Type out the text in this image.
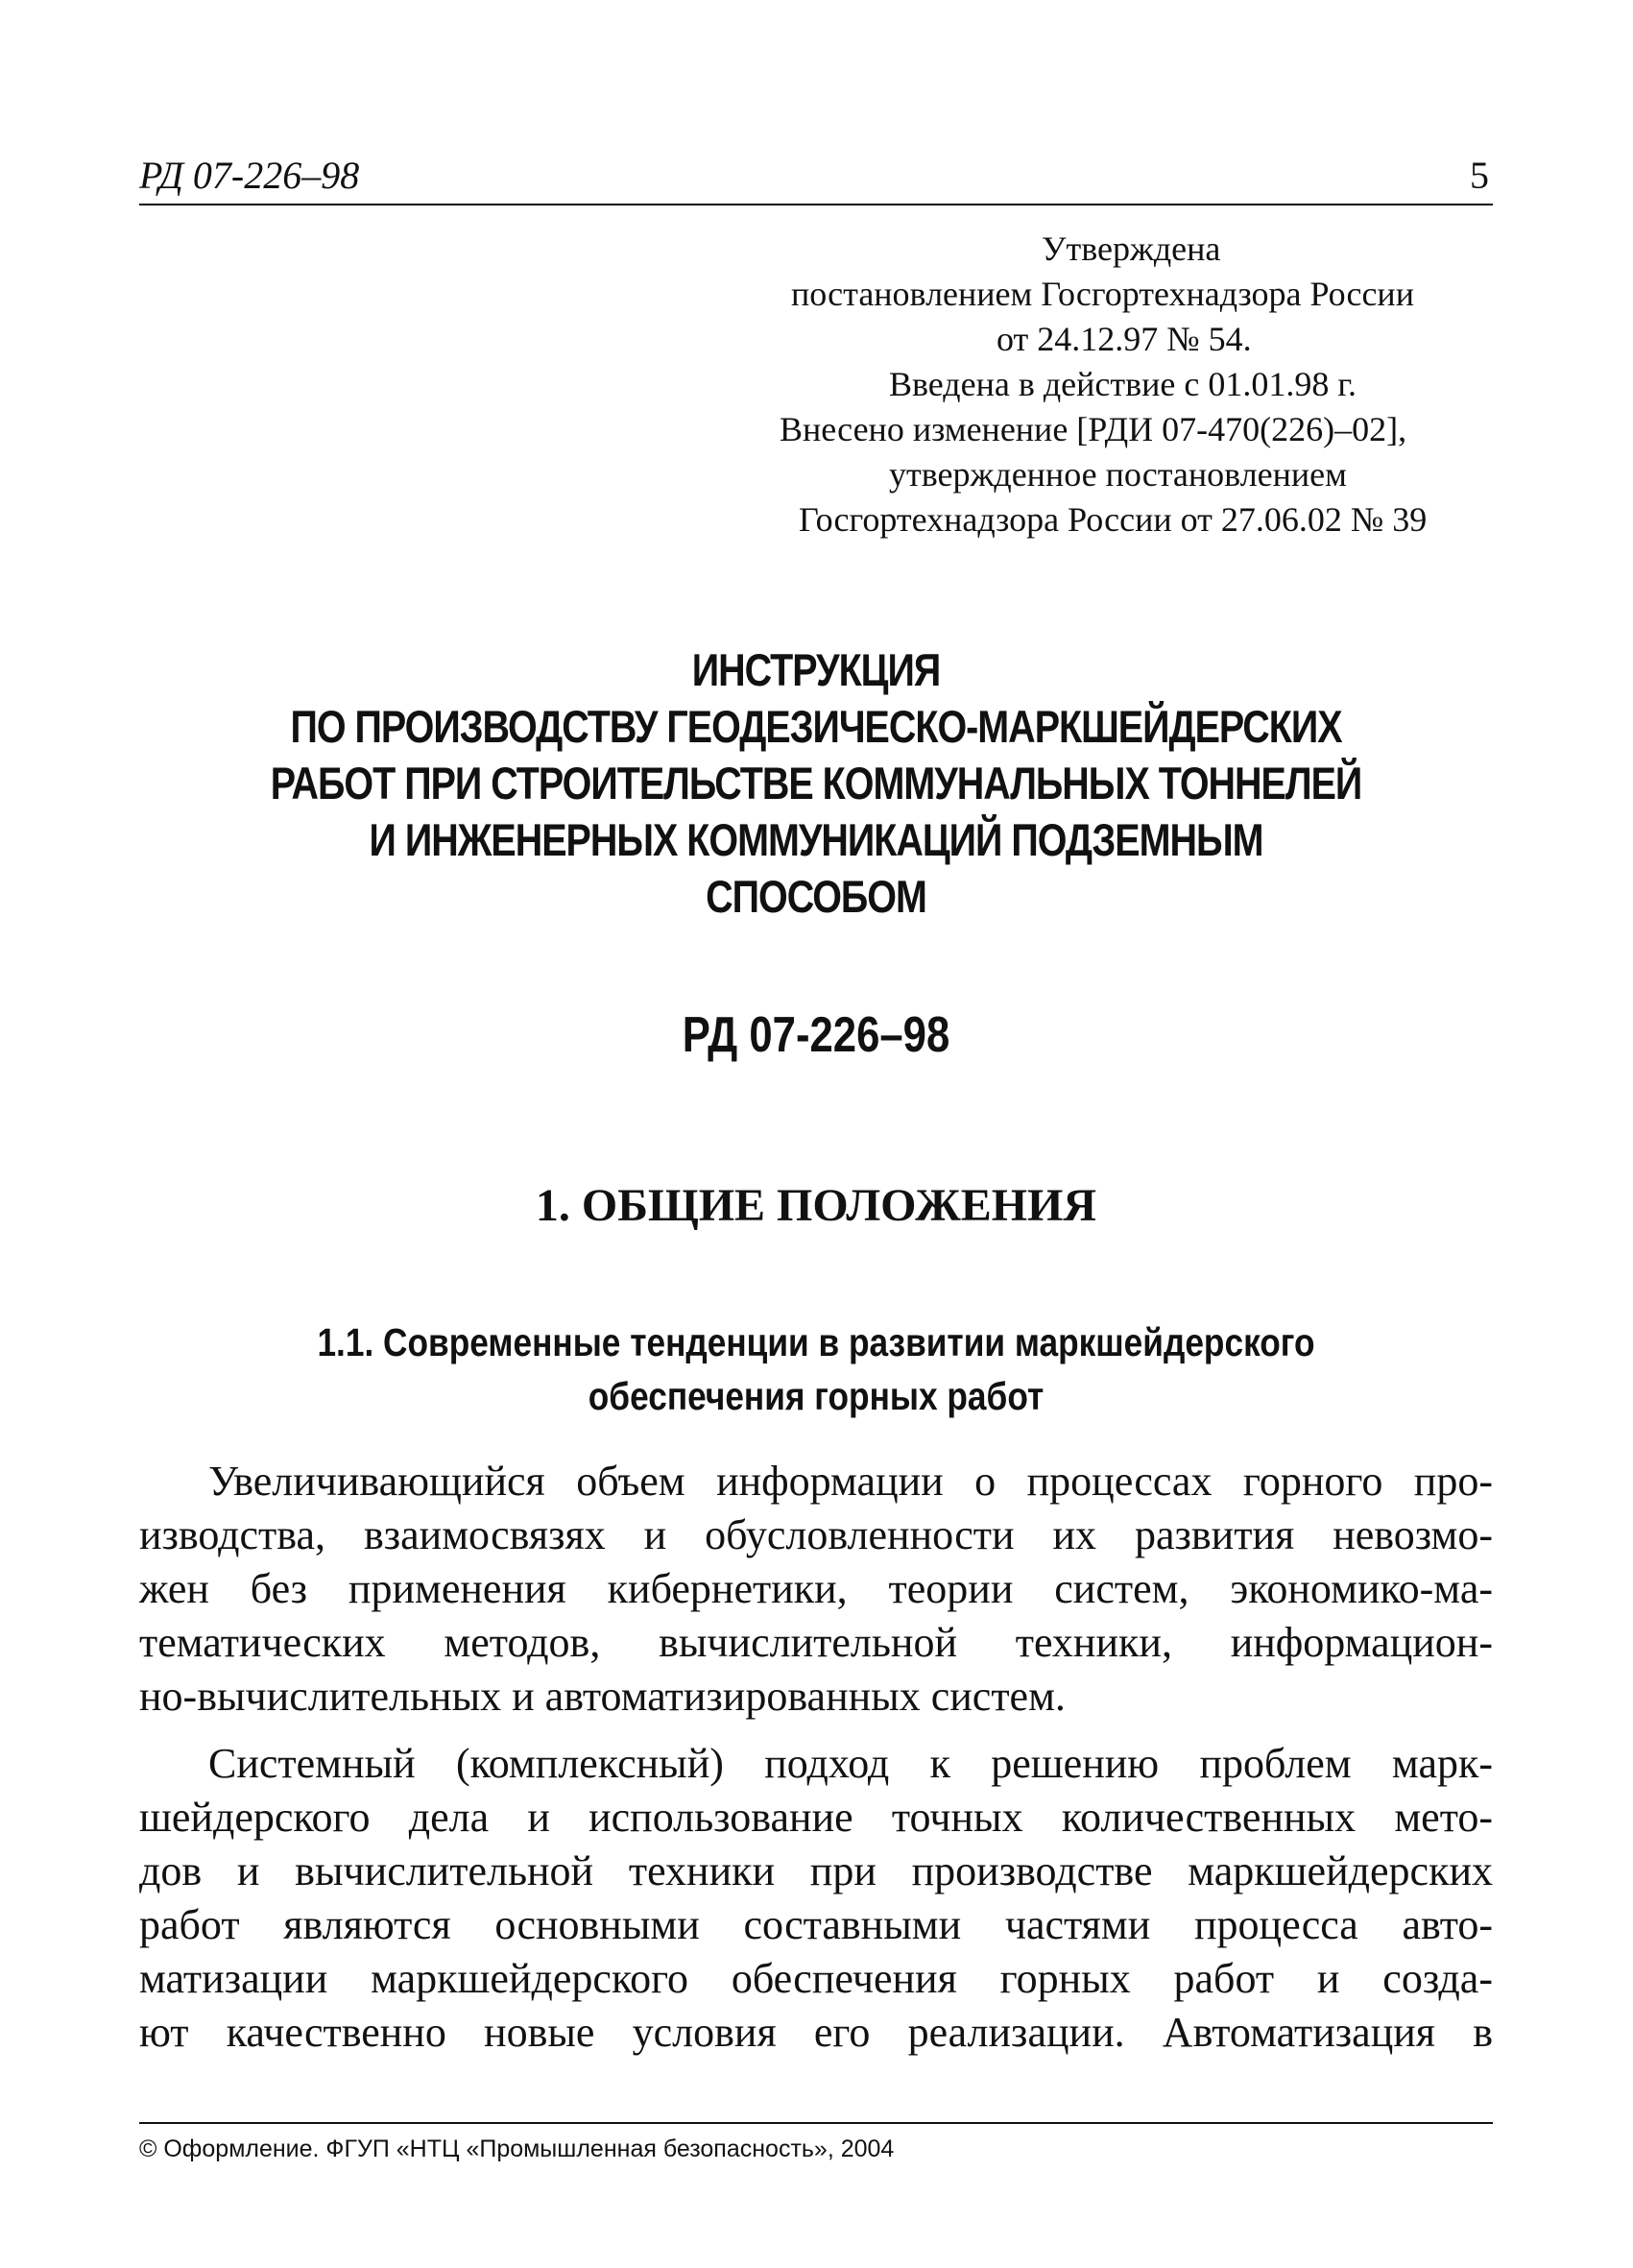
РД 07-226–98	5
Утверждена
постановлением Госгортехнадзора России
от 24.12.97 № 54.
Введена в действие с 01.01.98 г.
Внесено изменение [РДИ 07-470(226)–02],
утвержденное постановлением
Госгортехнадзора России от 27.06.02 № 39
ИНСТРУКЦИЯ
ПО ПРОИЗВОДСТВУ ГЕОДЕЗИЧЕСКО-МАРКШЕЙДЕРСКИХ
РАБОТ ПРИ СТРОИТЕЛЬСТВЕ КОММУНАЛЬНЫХ ТОННЕЛЕЙ
И ИНЖЕНЕРНЫХ КОММУНИКАЦИЙ ПОДЗЕМНЫМ
СПОСОБОМ
РД 07-226–98
1. ОБЩИЕ ПОЛОЖЕНИЯ
1.1. Современные тенденции в развитии маркшейдерского
обеспечения горных работ

Увеличивающийся объем информации о процессах горного про-
изводства, взаимосвязях и обусловленности их развития невозмо-
жен без применения кибернетики, теории систем, экономико-ма-
тематических методов, вычислительной техники, информацион-
но-вычислительных и автоматизированных систем.

Системный (комплексный) подход к решению проблем марк-
шейдерского дела и использование точных количественных мето-
дов и вычислительной техники при производстве маркшейдерских
работ являются основными составными частями процесса авто-
матизации маркшейдерского обеспечения горных работ и созда-
ют качественно новые условия его реализации. Автоматизация в

© Оформление. ФГУП «НТЦ «Промышленная безопасность», 2004
